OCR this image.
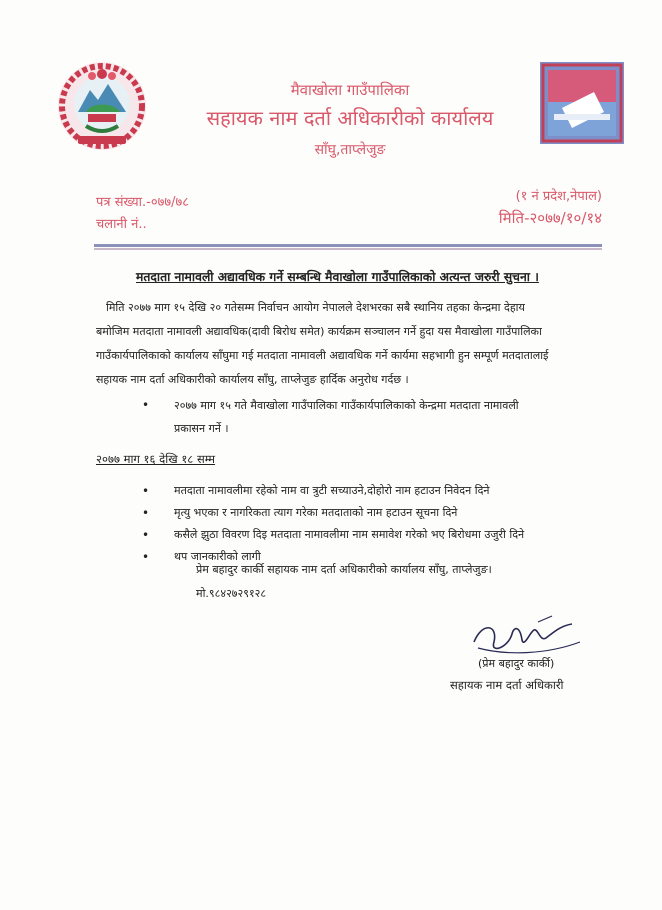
मैवाखोला गाउँपालिका
सहायक नाम दर्ता अधिकारीको कार्यालय
साँघु,ताप्लेजुङ
पत्र संख्या.-०७७/७८
चलानी नं..
(१ नं प्रदेश,नेपाल)
मिति-२०७७/१०/१४
मतदाता नामावली अद्यावधिक गर्ने सम्बन्धि मैवाखोला गाउँपालिकाको अत्यन्त जरुरी सुचना ।
मिति २०७७ माग १५ देखि २० गतेसम्म निर्वाचन आयोग नेपालले देशभरका सबै स्थानिय तहका केन्द्रमा देहाय
बमोजिम मतदाता नामावली अद्यावधिक(दावी बिरोध समेत) कार्यक्रम सञ्चालन गर्ने हुदा यस मैवाखोला गाउँपालिका
गाउँकार्यपालिकाको कार्यालय साँघुमा गई मतदाता नामावली अद्यावधिक गर्ने कार्यमा सहभागी हुन सम्पूर्ण मतदातालाई
सहायक नाम दर्ता अधिकारीको कार्यालय साँघु, ताप्लेजुङ हार्दिक अनुरोध गर्दछ ।
•	२०७७ माग १५ गते मैवाखोला गाउँपालिका गाउँकार्यपालिकाको केन्द्रमा मतदाता नामावली
प्रकासन गर्ने ।
२०७७ माग १६ देखि १८ सम्म
• मतदाता नामावलीमा रहेको नाम वा त्रुटी सच्याउने,दोहोरो नाम हटाउन निवेदन दिने
• मृत्यु भएका र नागरिकता त्याग गरेका मतदाताको नाम हटाउन सूचना दिने
• कसैले झुठा विवरण दिइ मतदाता नामावलीमा नाम समावेश गरेको भए बिरोधमा उजुरी दिने
• थप जानकारीको लागी
प्रेम बहादुर कार्की सहायक नाम दर्ता अधिकारीको कार्यालय साँघु, ताप्लेजुङ।
मो.९८४२७२९१२८
(प्रेम बहादुर कार्की)
सहायक नाम दर्ता अधिकारी
